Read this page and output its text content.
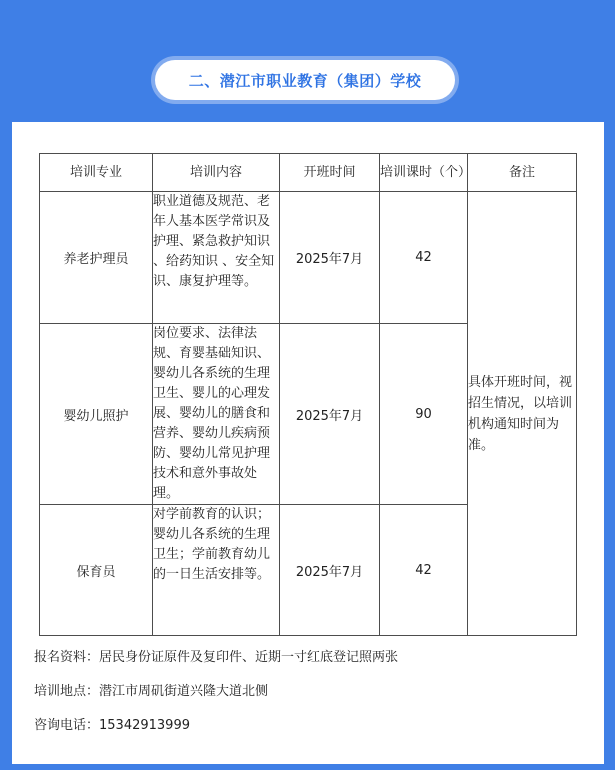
二、潜江市职业教育（集团）学校
培训专业	培训内容	开班时间	培训课时（个）	备注
养老护理员	职业道德及规范、老年人基本医学常识及护理、紧急救护知识 、给药知识 、安全知识、康复护理等。	2025年7月	42	具体开班时间，视招生情况，以培训机构通知时间为准。
婴幼儿照护	岗位要求、法律法规、育婴基础知识、婴幼儿各系统的生理卫生、婴儿的心理发展、婴幼儿的膳食和营养、婴幼儿疾病预防、婴幼儿常见护理技术和意外事故处理。	2025年7月	90	
保育员	对学前教育的认识；婴幼儿各系统的生理卫生；学前教育幼儿的一日生活安排等。	2025年7月	42	
报名资料：居民身份证原件及复印件、近期一寸红底登记照两张
培训地点：潜江市周矶街道兴隆大道北侧
咨询电话：15342913999
